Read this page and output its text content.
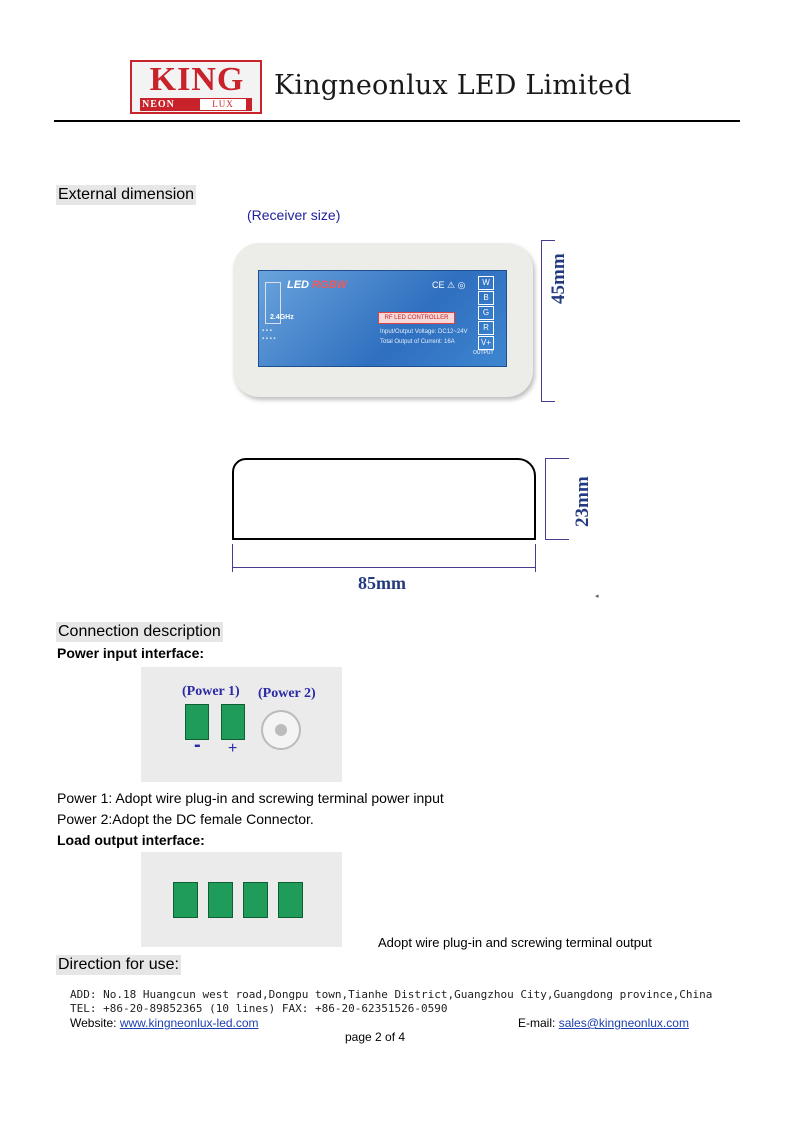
KING
NEON	LUX
Kingneonlux LED Limited
External dimension
(Receiver size)
LED RGBW	CE ⚠ ◎
2.4GHz	RF LED CONTROLLER
Input/Output Voltage: DC12~24V
Total Output of Current: 16A
▪ ▪ ▪
▪ ▪ ▪ ▪
W
B
G
R
V+
OUTPUT
45mm
23mm
85mm
◂
Connection description
Power input interface:
(Power 1) (Power 2)
- +
Power 1: Adopt wire plug-in and screwing terminal power input
Power 2:Adopt the DC female Connector.
Load output interface:
Adopt wire plug-in and screwing terminal output
Direction for use:
ADD: No.18 Huangcun west road,Dongpu town,Tianhe District,Guangzhou City,Guangdong province,China
TEL: +86-20-89852365 (10 lines) FAX: +86-20-62351526-0590
Website: www.kingneonlux-led.com	E-mail: sales@kingneonlux.com
page 2 of 4
